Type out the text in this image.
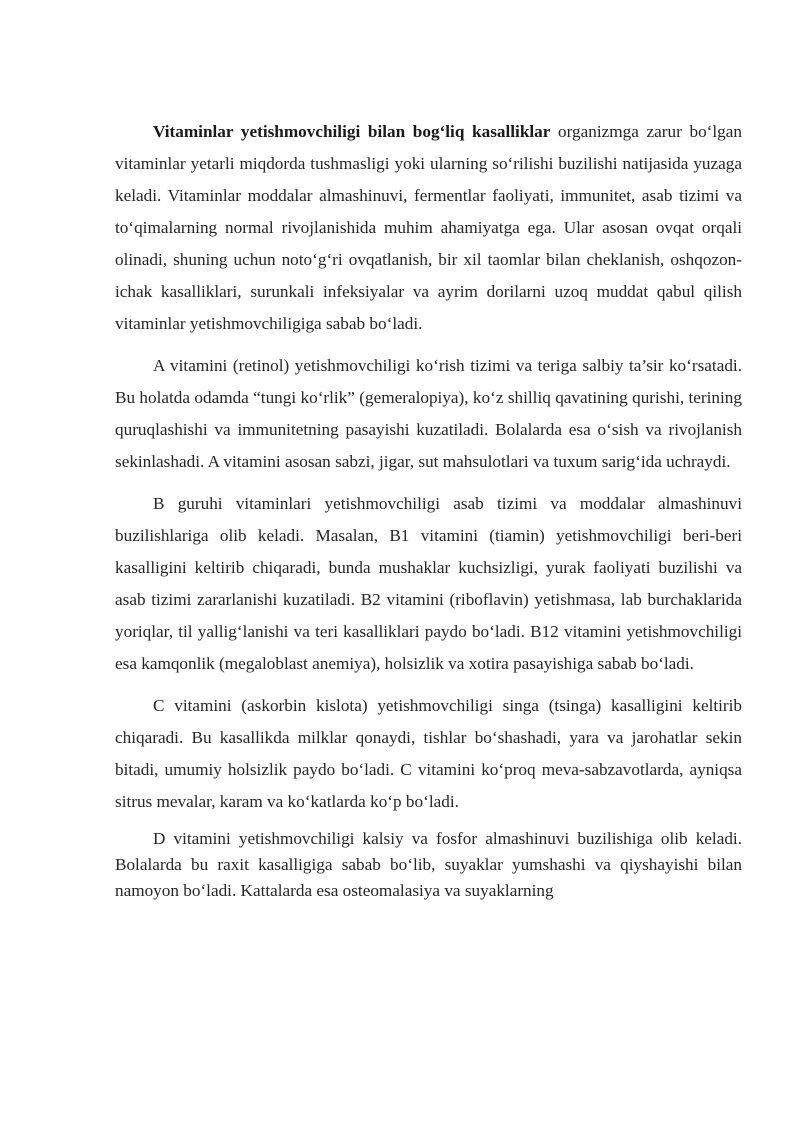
Vitaminlar yetishmovchiligi bilan bog‘liq kasalliklar organizmga zarur bo‘lgan vitaminlar yetarli miqdorda tushmasligi yoki ularning so‘rilishi buzilishi natijasida yuzaga keladi. Vitaminlar moddalar almashinuvi, fermentlar faoliyati, immunitet, asab tizimi va to‘qimalarning normal rivojlanishida muhim ahamiyatga ega. Ular asosan ovqat orqali olinadi, shuning uchun noto‘g‘ri ovqatlanish, bir xil taomlar bilan cheklanish, oshqozon-ichak kasalliklari, surunkali infeksiyalar va ayrim dorilarni uzoq muddat qabul qilish vitaminlar yetishmovchiligiga sabab bo‘ladi.

A vitamini (retinol) yetishmovchiligi ko‘rish tizimi va teriga salbiy ta’sir ko‘rsatadi. Bu holatda odamda “tungi ko‘rlik” (gemeralopiya), ko‘z shilliq qavatining qurishi, terining quruqlashishi va immunitetning pasayishi kuzatiladi. Bolalarda esa o‘sish va rivojlanish sekinlashadi. A vitamini asosan sabzi, jigar, sut mahsulotlari va tuxum sarig‘ida uchraydi.

B guruhi vitaminlari yetishmovchiligi asab tizimi va moddalar almashinuvi buzilishlariga olib keladi. Masalan, B1 vitamini (tiamin) yetishmovchiligi beri-beri kasalligini keltirib chiqaradi, bunda mushaklar kuchsizligi, yurak faoliyati buzilishi va asab tizimi zararlanishi kuzatiladi. B2 vitamini (riboflavin) yetishmasa, lab burchaklarida yoriqlar, til yallig‘lanishi va teri kasalliklari paydo bo‘ladi. B12 vitamini yetishmovchiligi esa kamqonlik (megaloblast anemiya), holsizlik va xotira pasayishiga sabab bo‘ladi.

C vitamini (askorbin kislota) yetishmovchiligi singa (tsinga) kasalligini keltirib chiqaradi. Bu kasallikda milklar qonaydi, tishlar bo‘shashadi, yara va jarohatlar sekin bitadi, umumiy holsizlik paydo bo‘ladi. C vitamini ko‘proq meva-sabzavotlarda, ayniqsa sitrus mevalar, karam va ko‘katlarda ko‘p bo‘ladi.

D vitamini yetishmovchiligi kalsiy va fosfor almashinuvi buzilishiga olib keladi. Bolalarda bu raxit kasalligiga sabab bo‘lib, suyaklar yumshashi va qiyshayishi bilan namoyon bo‘ladi. Kattalarda esa osteomalasiya va suyaklarning
